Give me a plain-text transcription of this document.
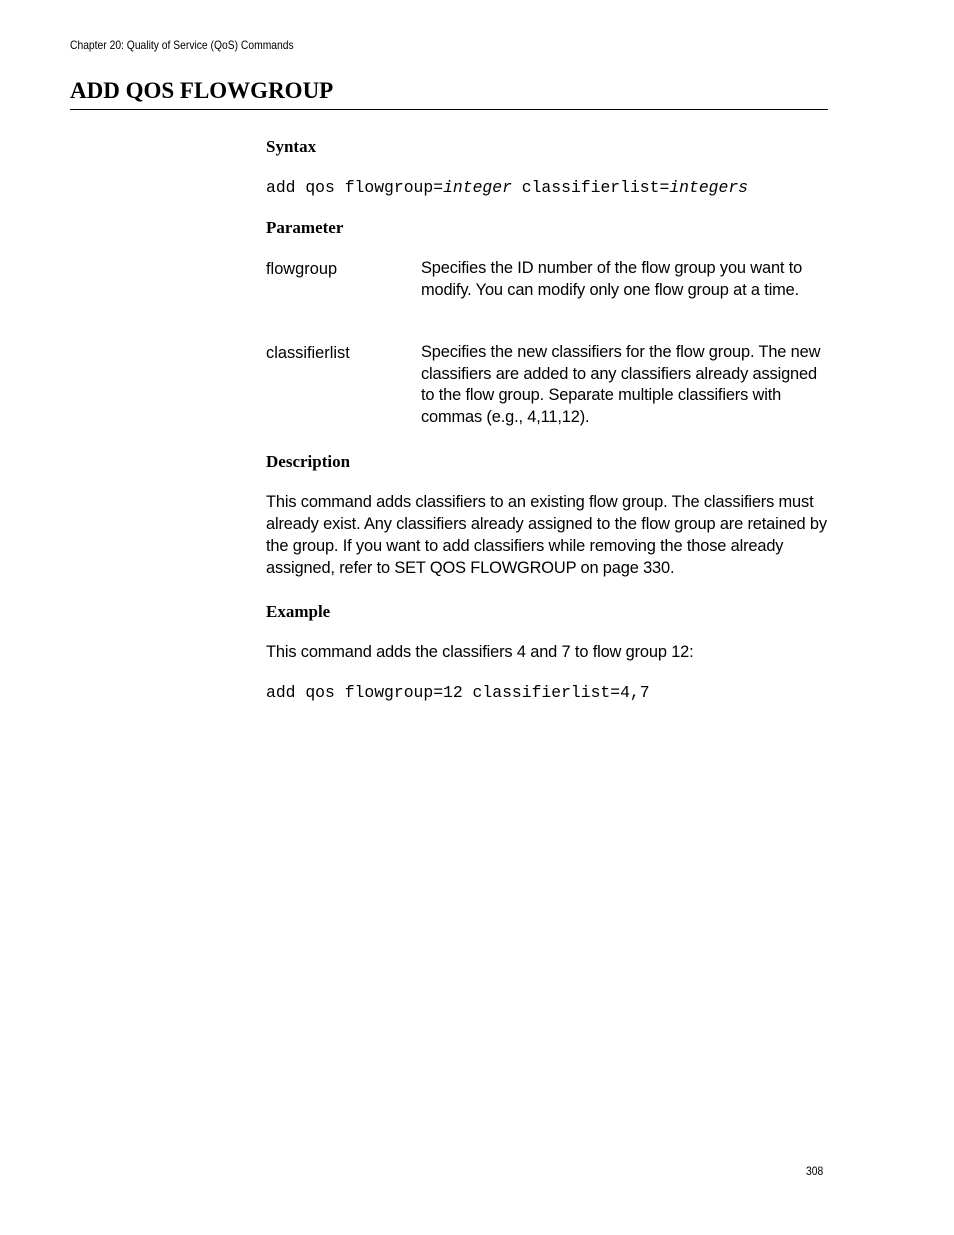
Chapter 20: Quality of Service (QoS) Commands
ADD QOS FLOWGROUP
Syntax
add qos flowgroup=integer classifierlist=integers
Parameter
flowgroup	Specifies the ID number of the flow group you want to modify. You can modify only one flow group at a time.
classifierlist	Specifies the new classifiers for the flow group. The new classifiers are added to any classifiers already assigned to the flow group. Separate multiple classifiers with commas (e.g., 4,11,12).
Description

This command adds classifiers to an existing flow group. The classifiers must already exist. Any classifiers already assigned to the flow group are retained by the group. If you want to add classifiers while removing the those already assigned, refer to SET QOS FLOWGROUP on page 330.

Example

This command adds the classifiers 4 and 7 to flow group 12:

add qos flowgroup=12 classifierlist=4,7
308
